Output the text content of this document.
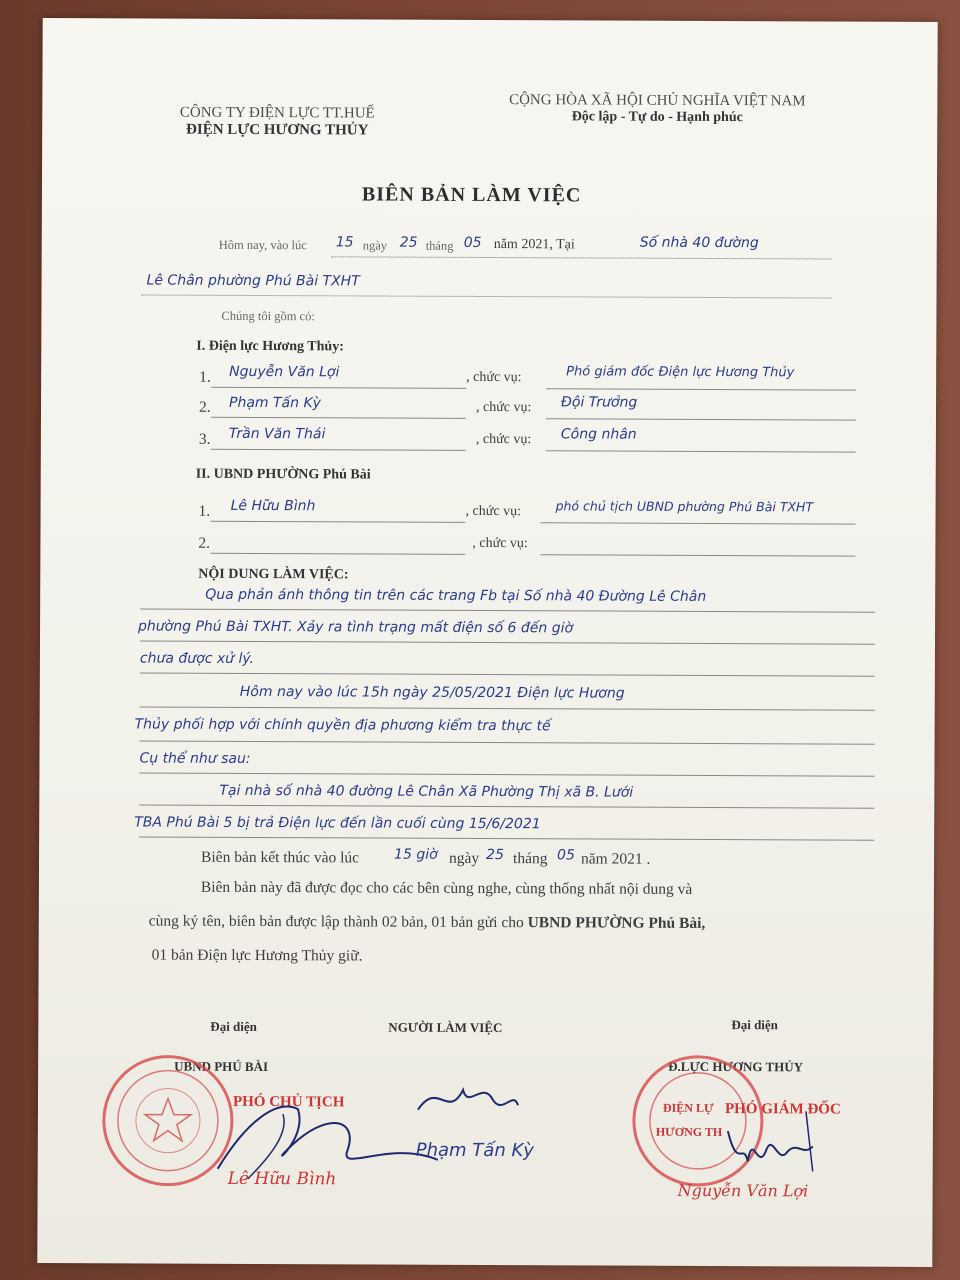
CÔNG TY ĐIỆN LỰC TT.HUẾ
ĐIỆN LỰC HƯƠNG THỦY
CỘNG HÒA XÃ HỘI CHỦ NGHĨA VIỆT NAM
Độc lập - Tự do - Hạnh phúc
BIÊN BẢN LÀM VIỆC
Hôm nay, vào lúc 15 ngày 25 tháng 05 năm 2021, Tại	Số nhà 40 đường
Lê Chân phường Phú Bài TXHT
Chúng tôi gồm có:
I. Điện lực Hương Thủy:
1. Nguyễn Văn Lợi	, chức vụ:	Phó giám đốc Điện lực Hương Thủy
2. Phạm Tấn Kỳ	, chức vụ: Đội Trưởng
3. Trần Văn Thái	, chức vụ: Công nhân
II. UBND PHƯỜNG Phú Bài
1. Lê Hữu Bình	, chức vụ:	phó chủ tịch UBND phường Phú Bài TXHT
2.	, chức vụ:
NỘI DUNG LÀM VIỆC:
Qua phản ánh thông tin trên các trang Fb tại Số nhà 40 Đường Lê Chân
phường Phú Bài TXHT. Xảy ra tình trạng mất điện số 6 đến giờ
chưa được xử lý.
Hôm nay vào lúc 15h ngày 25/05/2021 Điện lực Hương
Thủy phối hợp với chính quyền địa phương kiểm tra thực tế
Cụ thể như sau:
Tại nhà số nhà 40 đường Lê Chân Xã Phường Thị xã B. Lưới
TBA Phú Bài 5 bị trả Điện lực đến lần cuối cùng 15/6/2021
Biên bản kết thúc vào lúc 15 giờ ngày 25 tháng 05 năm 2021 .
Biên bản này đã được đọc cho các bên cùng nghe, cùng thống nhất nội dung và
cùng ký tên, biên bản được lập thành 02 bản, 01 bản gửi cho UBND PHƯỜNG Phú Bài,
01 bản Điện lực Hương Thủy giữ.
Đại diện	NGƯỜI LÀM VIỆC	Đại diện
UBND PHÚ BÀI	Đ.LỰC HƯƠNG THỦY
PHÓ CHỦ TỊCH
Lê Hữu Bình
Phạm Tấn Kỳ
ĐIỆN LỰ
HƯƠNG TH
PHÓ GIÁM ĐỐC
Nguyễn Văn Lợi
